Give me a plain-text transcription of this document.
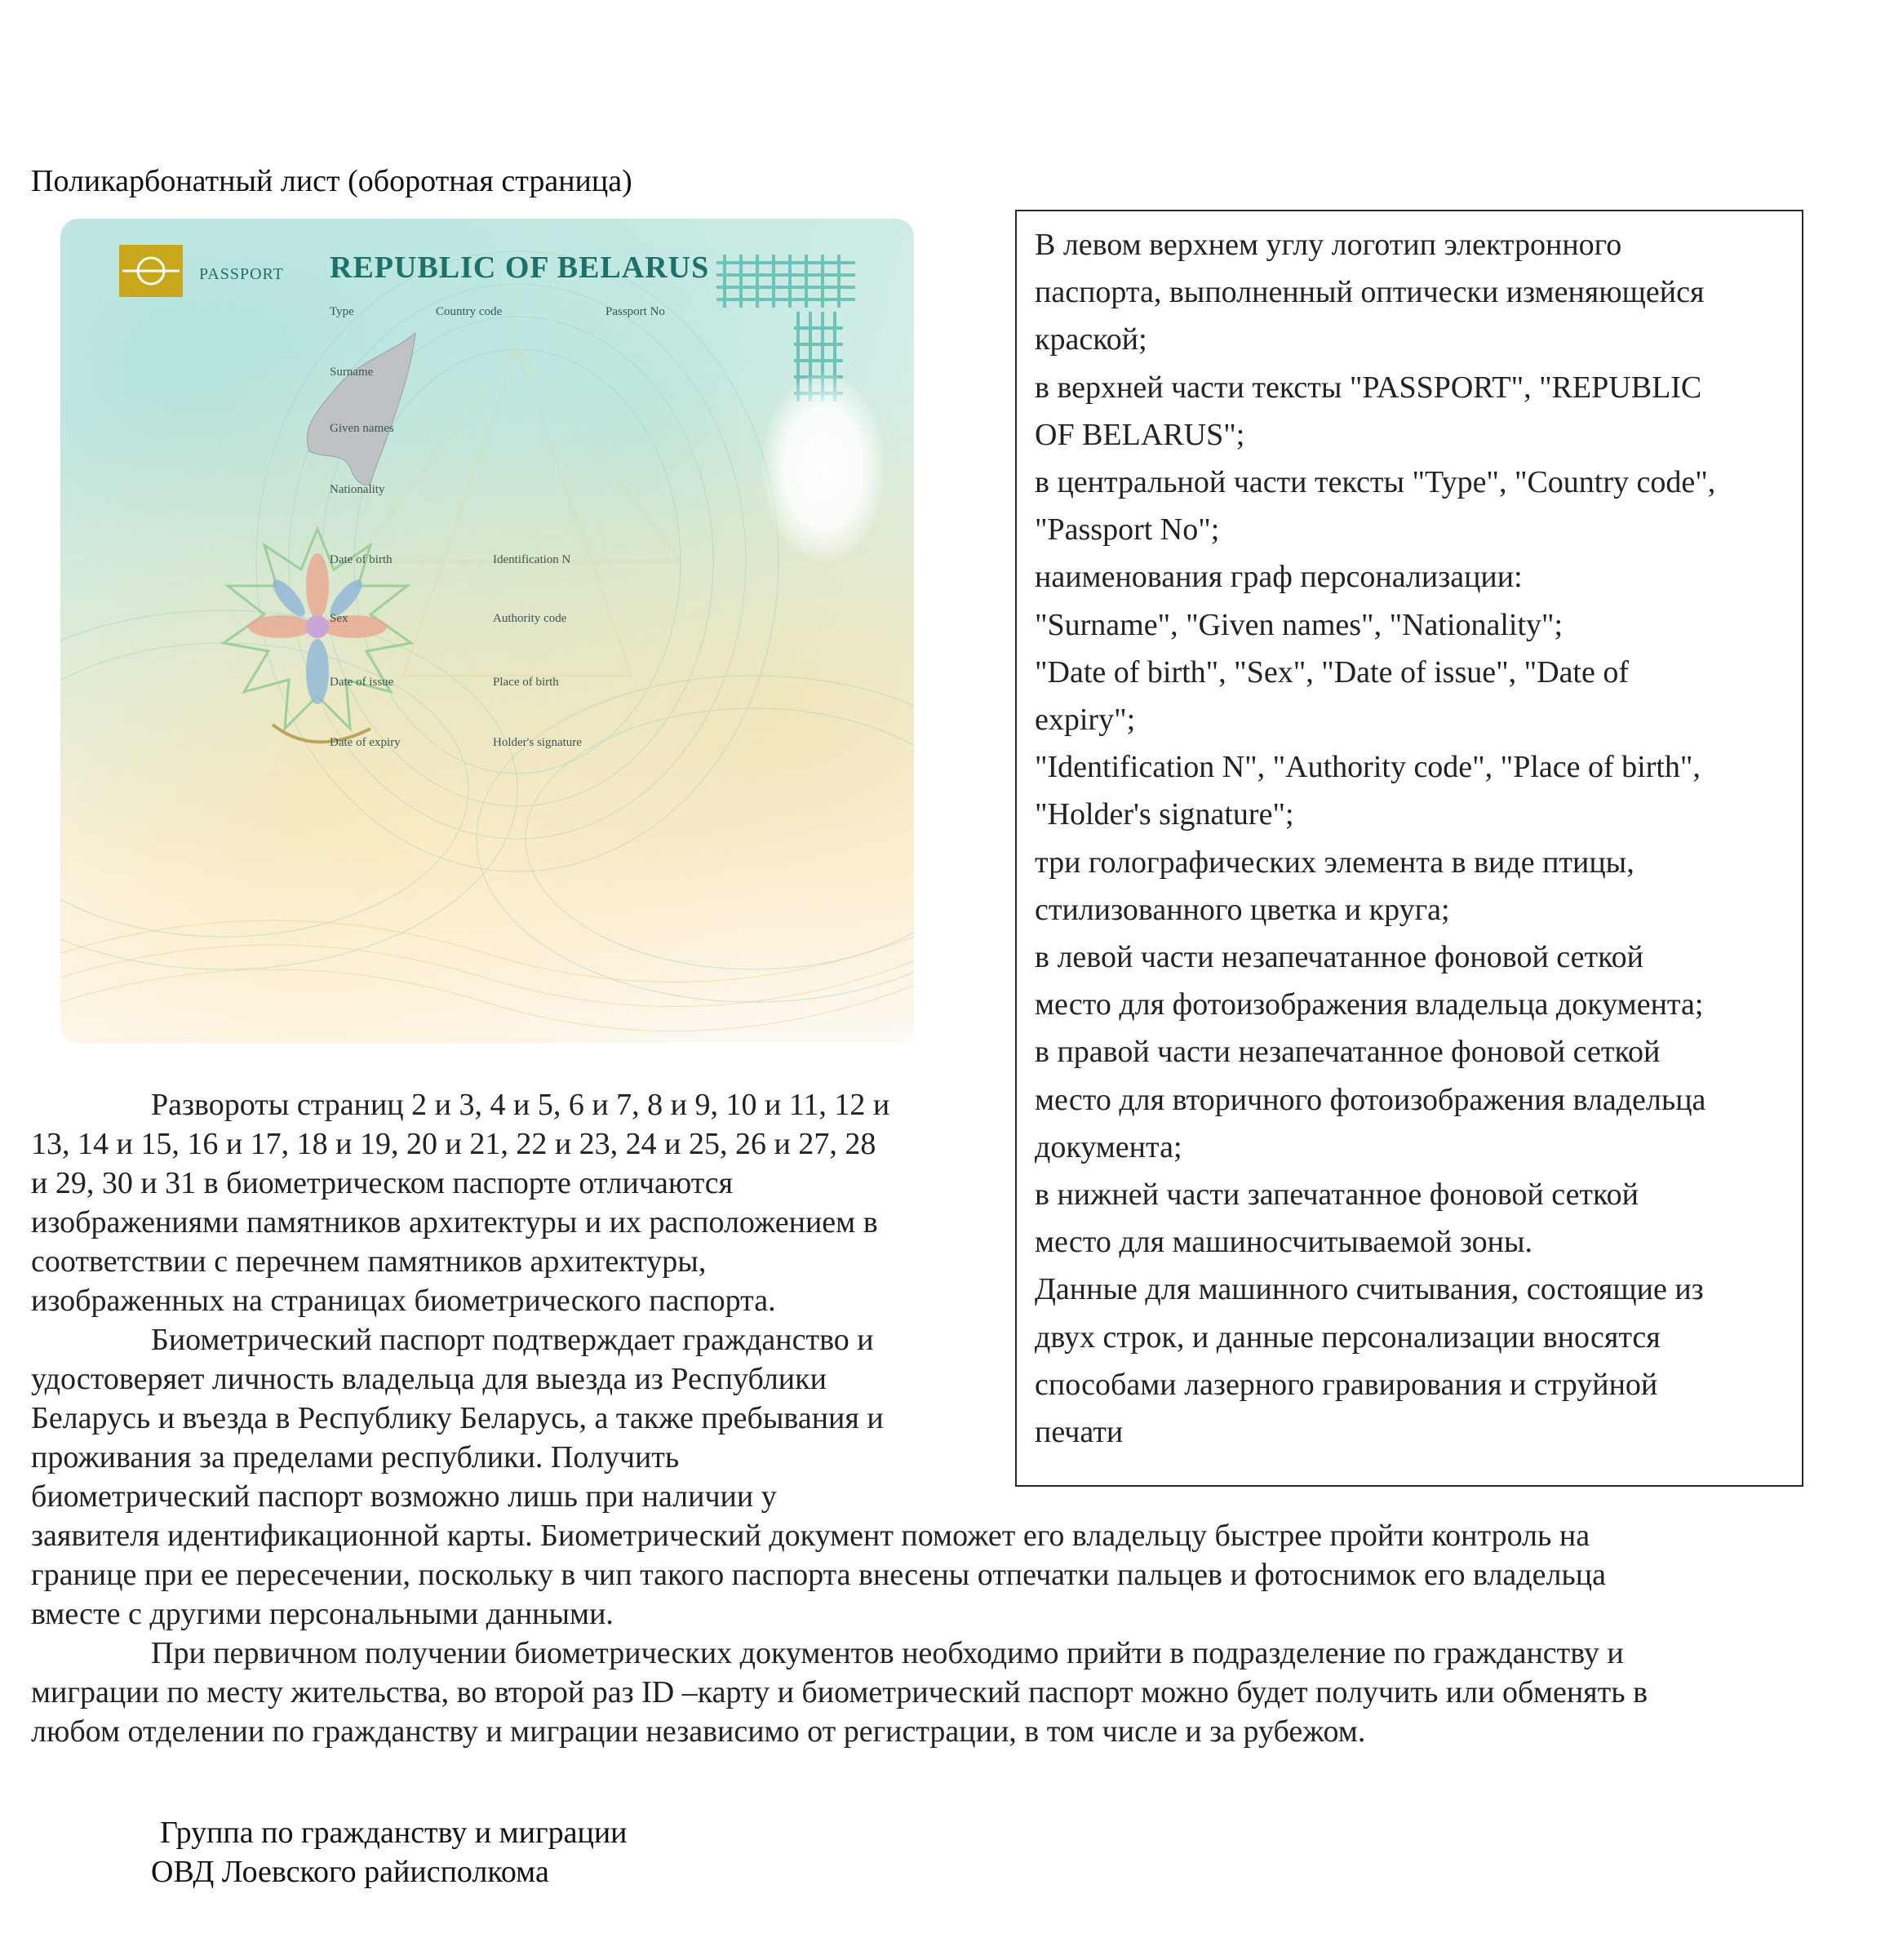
Поликарбонатный лист (оборотная страница)
PASSPORT REPUBLIC OF BELARUS
Type	Country code	Passport No
Surname
Given names
Nationality
Date of birth
Sex
Date of issue
Date of expiry
Identification N
Authority code
Place of birth
Holder's signature
В левом верхнем углу логотип электронного
паспорта, выполненный оптически изменяющейся
краской;
в верхней части тексты "PASSPORT", "REPUBLIC
OF BELARUS";
в центральной части тексты "Type", "Country code",
"Passport No";
наименования граф персонализации:
"Surname", "Given names", "Nationality";
"Date of birth", "Sex", "Date of issue", "Date of
expiry";
"Identification N", "Authority code", "Place of birth",
"Holder's signature";
три голографических элемента в виде птицы,
стилизованного цветка и круга;
в левой части незапечатанное фоновой сеткой
место для фотоизображения владельца документа;
в правой части незапечатанное фоновой сеткой
место для вторичного фотоизображения владельца
документа;
в нижней части запечатанное фоновой сеткой
место для машиносчитываемой зоны.
Данные для машинного считывания, состоящие из
двух строк, и данные персонализации вносятся
способами лазерного гравирования и струйной
печати
Развороты страниц 2 и 3, 4 и 5, 6 и 7, 8 и 9, 10 и 11, 12 и
13, 14 и 15, 16 и 17, 18 и 19, 20 и 21, 22 и 23, 24 и 25, 26 и 27, 28
и 29, 30 и 31 в биометрическом паспорте отличаются
изображениями памятников архитектуры и их расположением в
соответствии с перечнем памятников архитектуры,
изображенных на страницах биометрического паспорта.
Биометрический паспорт подтверждает гражданство и
удостоверяет личность владельца для выезда из Республики
Беларусь и въезда в Республику Беларусь, а также пребывания и
проживания за пределами республики. Получить
биометрический паспорт возможно лишь при наличии у
заявителя идентификационной карты. Биометрический документ поможет его владельцу быстрее пройти контроль на
границе при ее пересечении, поскольку в чип такого паспорта внесены отпечатки пальцев и фотоснимок его владельца
вместе с другими персональными данными.
При первичном получении биометрических документов необходимо прийти в подразделение по гражданству и
миграции по месту жительства, во второй раз ID –карту и биометрический паспорт можно будет получить или обменять в
любом отделении по гражданству и миграции независимо от регистрации, в том числе и за рубежом.
Группа по гражданству и миграции
ОВД Лоевского райисполкома
